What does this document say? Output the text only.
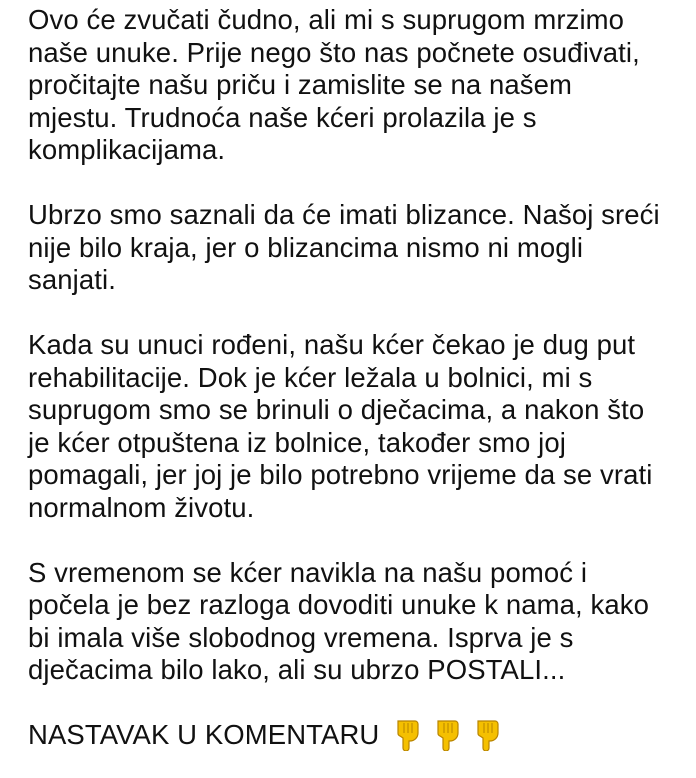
Ovo će zvučati čudno, ali mi s suprugom mrzimo
naše unuke. Prije nego što nas počnete osuđivati,
pročitajte našu priču i zamislite se na našem
mjestu. Trudnoća naše kćeri prolazila je s
komplikacijama.
Ubrzo smo saznali da će imati blizance. Našoj sreći
nije bilo kraja, jer o blizancima nismo ni mogli
sanjati.
Kada su unuci rođeni, našu kćer čekao je dug put
rehabilitacije. Dok je kćer ležala u bolnici, mi s
suprugom smo se brinuli o dječacima, a nakon što
je kćer otpuštena iz bolnice, također smo joj
pomagali, jer joj je bilo potrebno vrijeme da se vrati
normalnom životu.
S vremenom se kćer navikla na našu pomoć i
počela je bez razloga dovoditi unuke k nama, kako
bi imala više slobodnog vremena. Isprva je s
dječacima bilo lako, ali su ubrzo POSTALI...
NASTAVAK U KOMENTARU
